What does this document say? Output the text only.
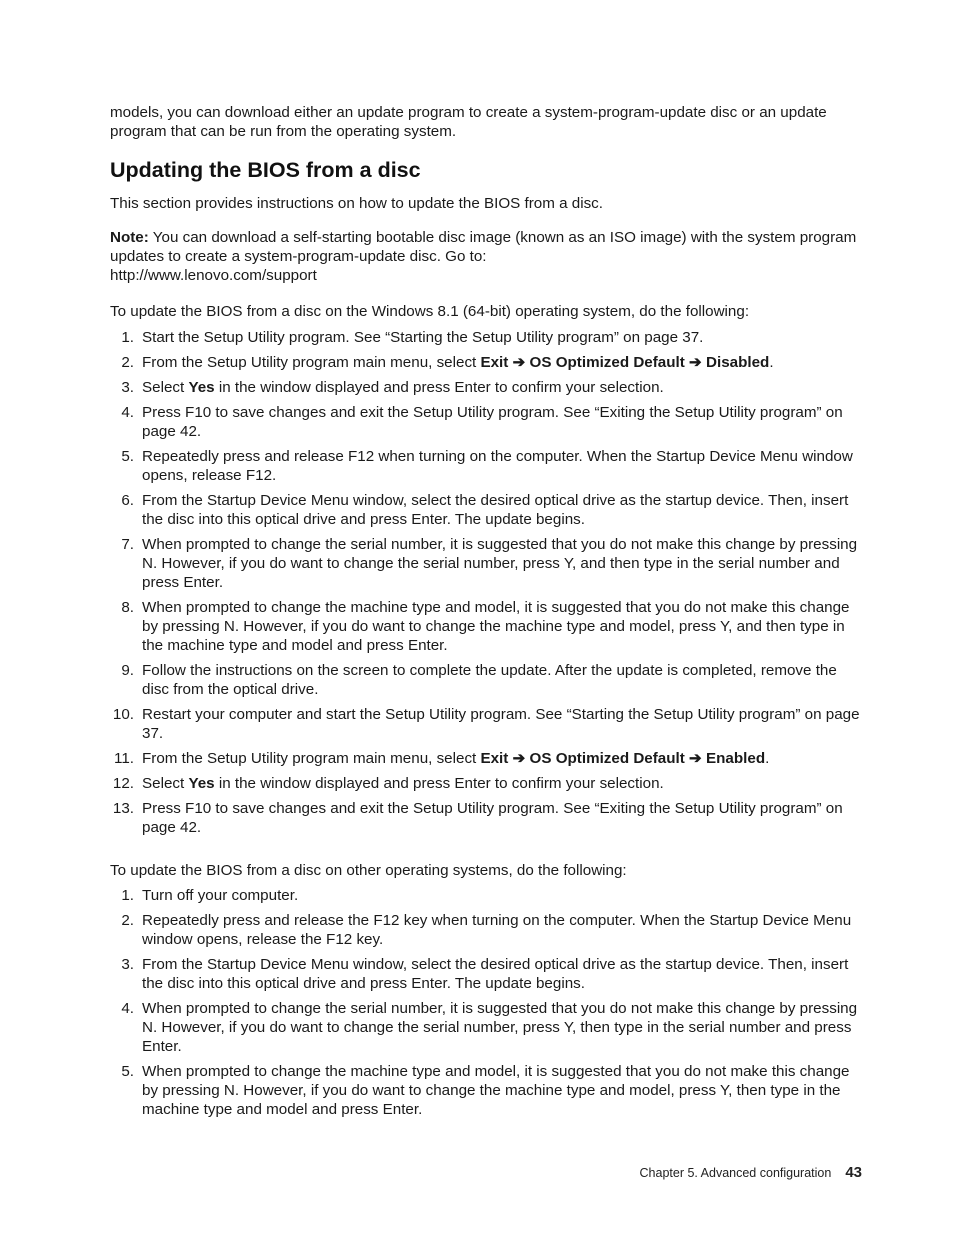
models, you can download either an update program to create a system-program-update disc or an update program that can be run from the operating system.

Updating the BIOS from a disc

This section provides instructions on how to update the BIOS from a disc.

Note: You can download a self-starting bootable disc image (known as an ISO image) with the system program updates to create a system-program-update disc. Go to:
http://www.lenovo.com/support

To update the BIOS from a disc on the Windows 8.1 (64-bit) operating system, do the following:

1. Start the Setup Utility program. See “Starting the Setup Utility program” on page 37.
2. From the Setup Utility program main menu, select Exit ➔ OS Optimized Default ➔ Disabled.
3. Select Yes in the window displayed and press Enter to confirm your selection.
4. Press F10 to save changes and exit the Setup Utility program. See “Exiting the Setup Utility program” on page 42.
5. Repeatedly press and release F12 when turning on the computer. When the Startup Device Menu window opens, release F12.
6. From the Startup Device Menu window, select the desired optical drive as the startup device. Then, insert the disc into this optical drive and press Enter. The update begins.
7. When prompted to change the serial number, it is suggested that you do not make this change by pressing N. However, if you do want to change the serial number, press Y, and then type in the serial number and press Enter.
8. When prompted to change the machine type and model, it is suggested that you do not make this change by pressing N. However, if you do want to change the machine type and model, press Y, and then type in the machine type and model and press Enter.
9. Follow the instructions on the screen to complete the update. After the update is completed, remove the disc from the optical drive.
10. Restart your computer and start the Setup Utility program. See “Starting the Setup Utility program” on page 37.
11. From the Setup Utility program main menu, select Exit ➔ OS Optimized Default ➔ Enabled.
12. Select Yes in the window displayed and press Enter to confirm your selection.
13. Press F10 to save changes and exit the Setup Utility program. See “Exiting the Setup Utility program” on page 42.

To update the BIOS from a disc on other operating systems, do the following:

1. Turn off your computer.
2. Repeatedly press and release the F12 key when turning on the computer. When the Startup Device Menu window opens, release the F12 key.
3. From the Startup Device Menu window, select the desired optical drive as the startup device. Then, insert the disc into this optical drive and press Enter. The update begins.
4. When prompted to change the serial number, it is suggested that you do not make this change by pressing N. However, if you do want to change the serial number, press Y, then type in the serial number and press Enter.
5. When prompted to change the machine type and model, it is suggested that you do not make this change by pressing N. However, if you do want to change the machine type and model, press Y, then type in the machine type and model and press Enter.
Chapter 5. Advanced configuration 43
